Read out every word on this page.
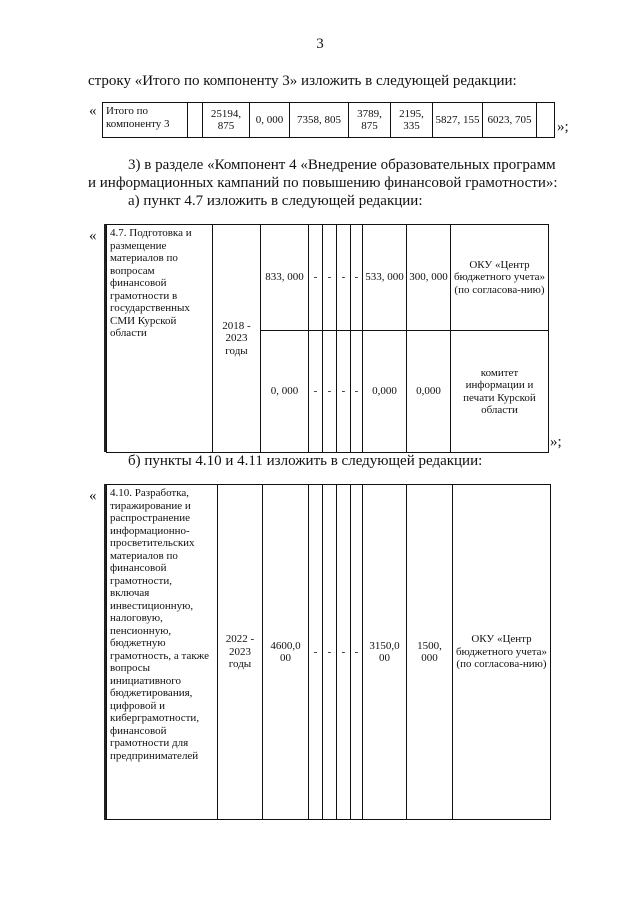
3
строку «Итого по компоненту 3» изложить в следующей редакции:
« Итого по компоненту 3		25194, 875	0, 000	7358, 805	3789, 875	2195, 335	5827, 155	6023, 705	»;
3) в разделе «Компонент 4 «Внедрение образовательных программ
и информационных кампаний по повышению финансовой грамотности»:
а) пункт 4.7 изложить в следующей редакции:
« 4.7. Подготовка и размещение материалов по вопросам финансовой грамотности в государственных СМИ Курской области	2018 - 2023 годы	833, 000	-	-	-	-	533, 000	300, 000	ОКУ «Центр бюджетного учета» (по согласова-нию)
		0, 000	-	-	-	-	0,000	0,000	комитет информации и печати Курской области
»;
б) пункты 4.10 и 4.11 изложить в следующей редакции:
« 4.10. Разработка, тиражирование и распространение информационно-просветительских материалов по финансовой грамотности, включая инвестиционную, налоговую, пенсионную, бюджетную грамотность, а также вопросы инициативного бюджетирования, цифровой и киберграмотности, финансовой грамотности для предпринимателей	2022 - 2023 годы	4600,0 00	-	-	-	-	3150,0 00	1500, 000	ОКУ «Центр бюджетного учета» (по согласова-нию)
